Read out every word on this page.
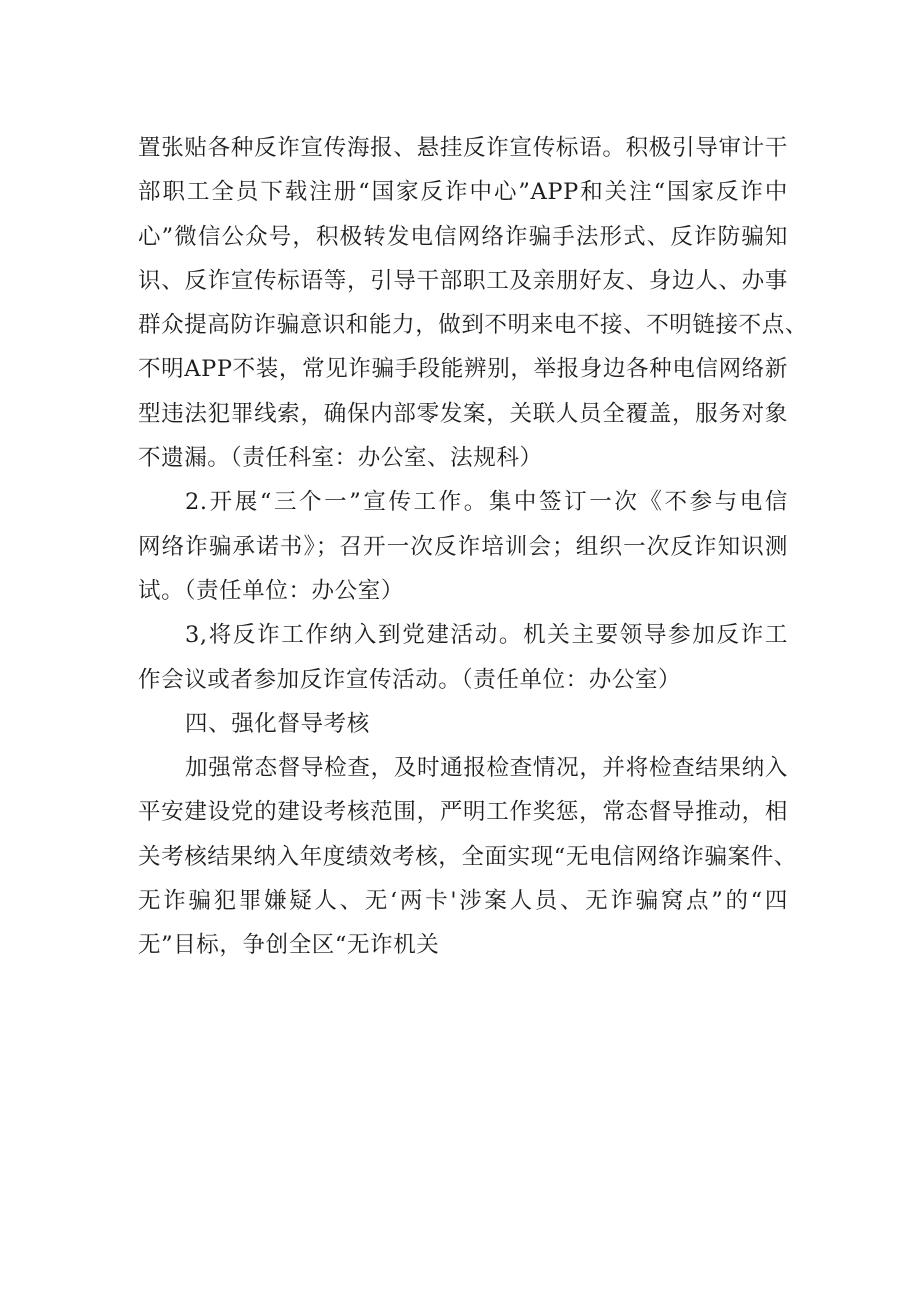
置张贴各种反诈宣传海报、悬挂反诈宣传标语。积极引导审计干
部职工全员下载注册“国家反诈中心”APP和关注“国家反诈中
心”微信公众号，积极转发电信网络诈骗手法形式、反诈防骗知
识、反诈宣传标语等，引导干部职工及亲朋好友、身边人、办事
群众提高防诈骗意识和能力，做到不明来电不接、不明链接不点、
不明APP不装，常见诈骗手段能辨别，举报身边各种电信网络新
型违法犯罪线索，确保内部零发案，关联人员全覆盖，服务对象
不遗漏。（责任科室：办公室、法规科）
2.开展“三个一”宣传工作。集中签订一次《不参与电信
网络诈骗承诺书》；召开一次反诈培训会；组织一次反诈知识测
试。（责任单位：办公室）
3,将反诈工作纳入到党建活动。机关主要领导参加反诈工
作会议或者参加反诈宣传活动。（责任单位：办公室）
四、强化督导考核
加强常态督导检查，及时通报检查情况，并将检查结果纳入
平安建设党的建设考核范围，严明工作奖惩，常态督导推动，相
关考核结果纳入年度绩效考核，全面实现“无电信网络诈骗案件、
无诈骗犯罪嫌疑人、无‘两卡'涉案人员、无诈骗窝点”的“四
无”目标，争创全区“无诈机关
